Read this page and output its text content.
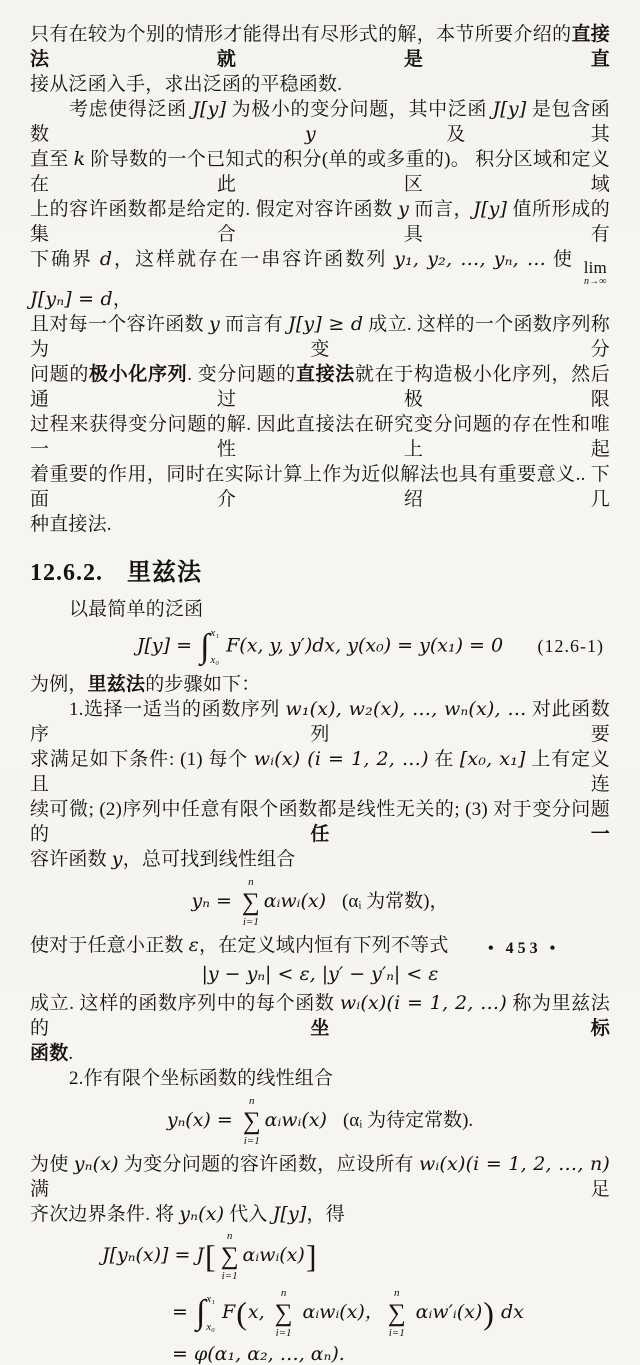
只有在较为个别的情形才能得出有尽形式的解，本节所要介绍的直接法就是直
接从泛函入手，求出泛函的平稳函数.
考虑使得泛函 J[y] 为极小的变分问题，其中泛函 J[y] 是包含函数 y 及其
直至 k 阶导数的一个已知式的积分(单的或多重的)。 积分区域和定义在此区域
上的容许函数都是给定的. 假定对容许函数 y 而言，J[y] 值所形成的集合具有
下确界 d，这样就存在一串容许函数列 y₁, y₂, …, yₙ, … 使 lim
n→∞
J[yₙ] = d，
且对每一个容许函数 y 而言有 J[y] ≥ d 成立. 这样的一个函数序列称为变分
问题的极小化序列. 变分问题的直接法就在于构造极小化序列，然后通过极限
过程来获得变分问题的解. 因此直接法在研究变分问题的存在性和唯一性上起
着重要的作用，同时在实际计算上作为近似解法也具有重要意义.. 下面介绍几
种直接法.
12.6.2. 里兹法
以最简单的泛函
J[y] = ∫ x₁
x₀
F(x, y, y′)dx, y(x₀) = y(x₁) = 0 (12.6-1)
为例，里兹法的步骤如下：
1.选择一适当的函数序列 w₁(x), w₂(x), …, wₙ(x), … 对此函数序列要
求满足如下条件: (1) 每个 wᵢ(x) (i = 1, 2, …) 在 [x₀, x₁] 上有定义且连
续可微; (2)序列中任意有限个函数都是线性无关的; (3) 对于变分问题的任一
容许函数 y，总可找到线性组合
yₙ =
n
∑
i=1
αᵢwᵢ(x) (αᵢ 为常数)，
使对于任意小正数 ε，在定义域内恒有下列不等式
|y − yₙ| < ε, |y′ − y′ₙ| < ε
成立. 这样的函数序列中的每个函数 wᵢ(x)(i = 1, 2, …) 称为里兹法的坐标
函数.
2.作有限个坐标函数的线性组合
yₙ(x) =
n
∑
i=1
αᵢwᵢ(x) (αᵢ 为待定常数).
为使 yₙ(x) 为变分问题的容许函数，应设所有 wᵢ(x)(i = 1, 2, …, n) 满足
齐次边界条件. 将 yₙ(x) 代入 J[y]，得
J[yₙ(x)] = J[
n
∑
i=1
αᵢwᵢ(x)]
= ∫ x₁
x₀
F(x,
n
∑
i=1
αᵢwᵢ(x)，
n
∑
i=1
αᵢw′ᵢ(x)) dx
= φ(α₁, α₂, …, αₙ).
• 453 •
